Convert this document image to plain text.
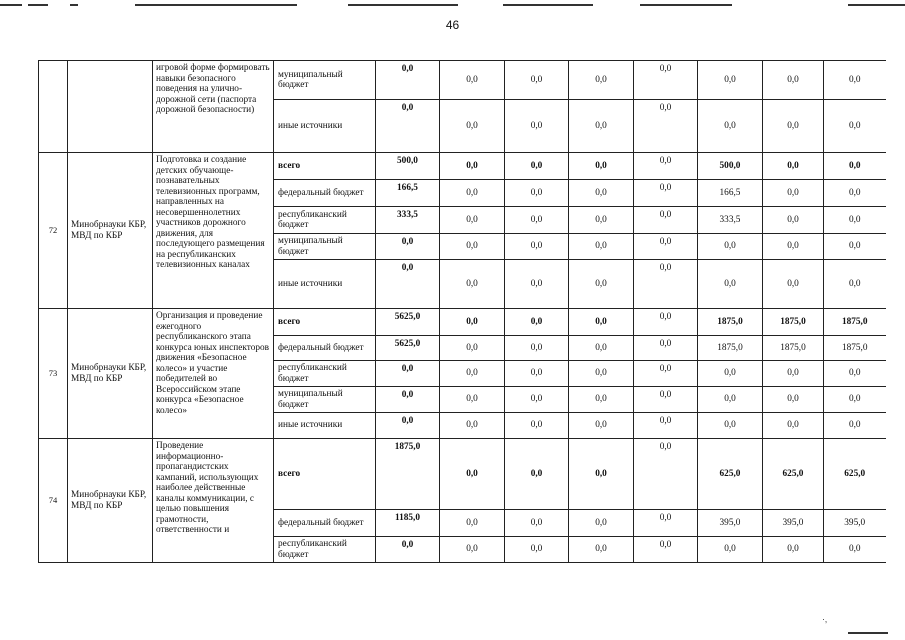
46
		игровой форме формировать навыки безопасного поведения на улично-дорожной сети (паспорта дорожной безопасности)	муниципальный бюджет	0,0	0,0	0,0	0,0	0,0	0,0	0,0	0,0
			иные источники	0,0	0,0	0,0	0,0	0,0	0,0	0,0	0,0
72	Минобрнауки КБР, МВД по КБР	Подготовка и создание детских обучающе-познавательных телевизионных программ, направленных на несовершеннолетних участников дорожного движения, для последующего размещения на республиканских телевизионных каналах	всего	500,0	0,0	0,0	0,0	0,0	500,0	0,0	0,0
			федеральный бюджет	166,5	0,0	0,0	0,0	0,0	166,5	0,0	0,0
			республиканский бюджет	333,5	0,0	0,0	0,0	0,0	333,5	0,0	0,0
			муниципальный бюджет	0,0	0,0	0,0	0,0	0,0	0,0	0,0	0,0
			иные источники	0,0	0,0	0,0	0,0	0,0	0,0	0,0	0,0
73	Минобрнауки КБР, МВД по КБР	Организация и проведение ежегодного республиканского этапа конкурса юных инспекторов движения «Безопасное колесо» и участие победителей во Всероссийском этапе конкурса «Безопасное колесо»	всего	5625,0	0,0	0,0	0,0	0,0	1875,0	1875,0	1875,0
			федеральный бюджет	5625,0	0,0	0,0	0,0	0,0	1875,0	1875,0	1875,0
			республиканский бюджет	0,0	0,0	0,0	0,0	0,0	0,0	0,0	0,0
			муниципальный бюджет	0,0	0,0	0,0	0,0	0,0	0,0	0,0	0,0
			иные источники	0,0	0,0	0,0	0,0	0,0	0,0	0,0	0,0
74	Минобрнауки КБР, МВД по КБР	Проведение информационно-пропагандистских кампаний, использующих наиболее действенные каналы коммуникации, с целью повышения грамотности, ответственности и	всего	1875,0	0,0	0,0	0,0	0,0	625,0	625,0	625,0
			федеральный бюджет	1185,0	0,0	0,0	0,0	0,0	395,0	395,0	395,0
			республиканский бюджет	0,0	0,0	0,0	0,0	0,0	0,0	0,0	0,0
·‚
